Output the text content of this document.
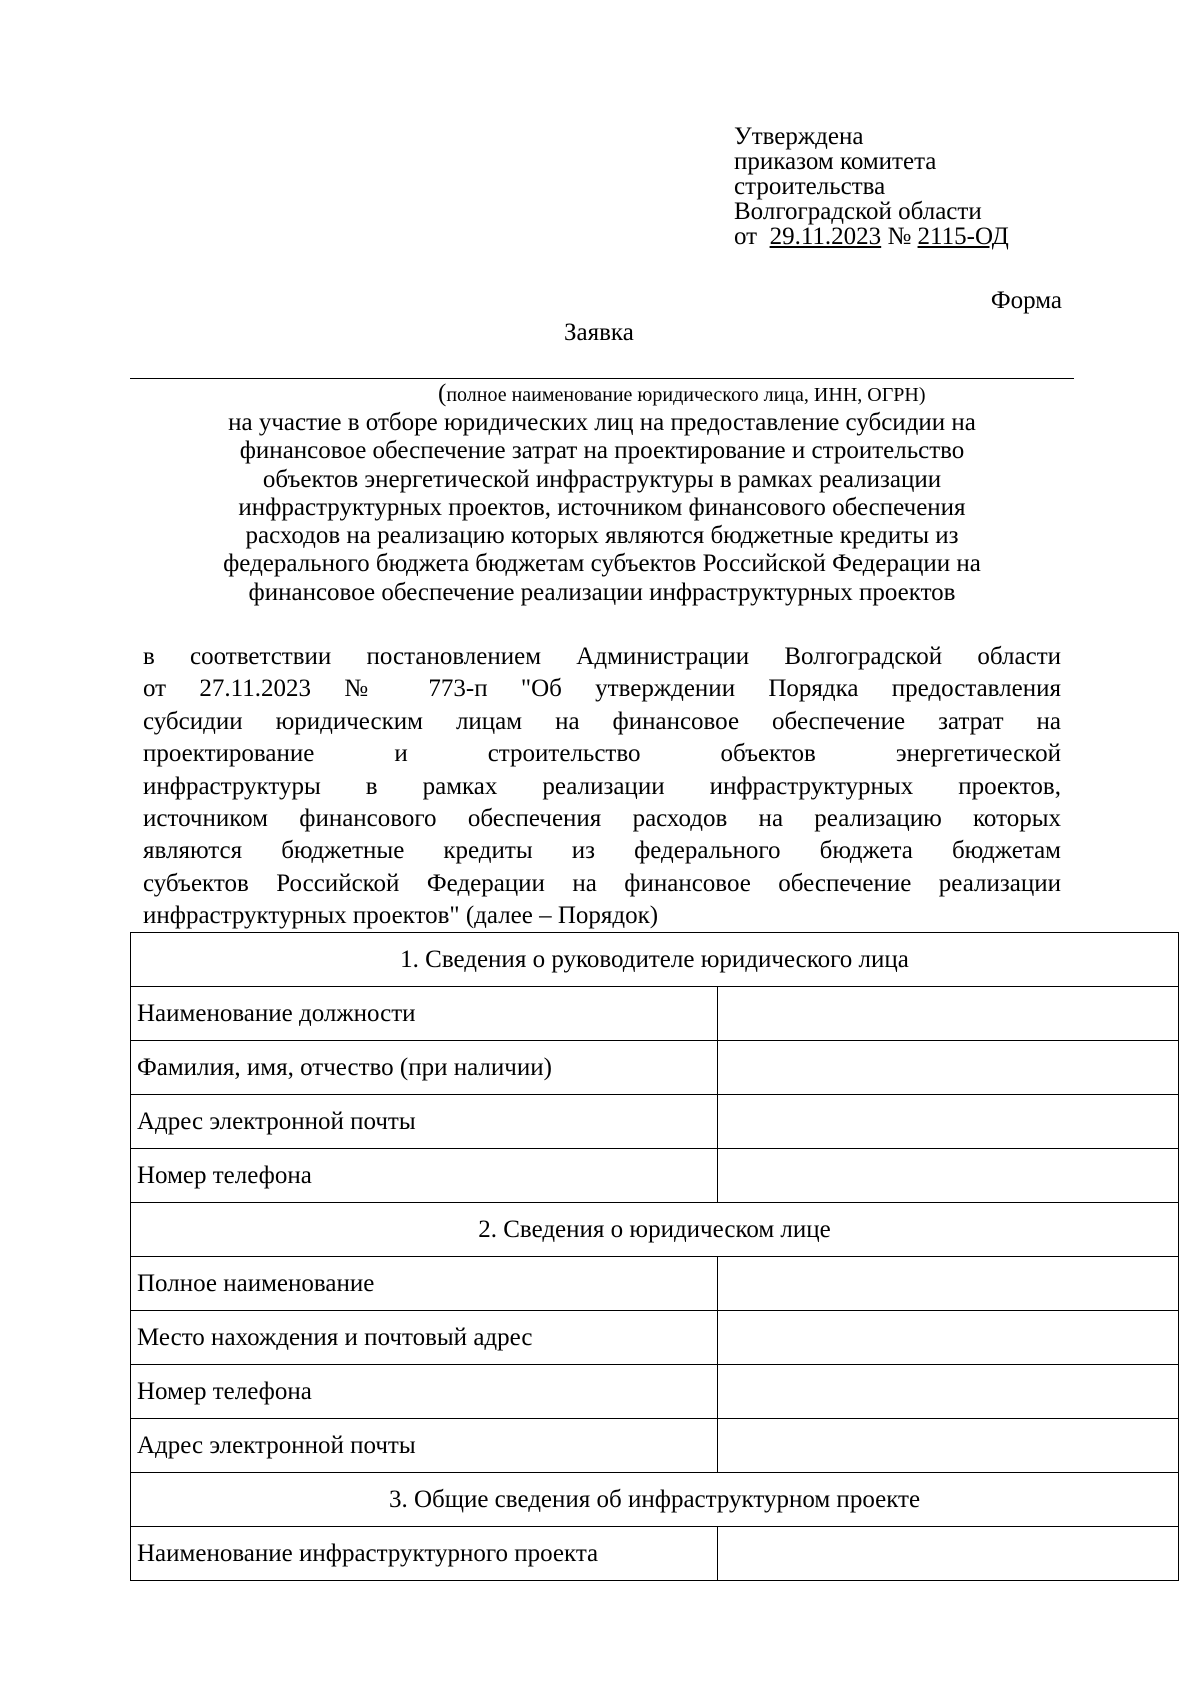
Утверждена
приказом комитета
строительства
Волгоградской области
от 29.11.2023 № 2115-ОД
Форма
Заявка
(полное наименование юридического лица, ИНН, ОГРН)
на участие в отборе юридических лиц на предоставление субсидии на
финансовое обеспечение затрат на проектирование и строительство
объектов энергетической инфраструктуры в рамках реализации
инфраструктурных проектов, источником финансового обеспечения
расходов на реализацию которых являются бюджетные кредиты из
федерального бюджета бюджетам субъектов Российской Федерации на
финансовое обеспечение реализации инфраструктурных проектов
в соответствии постановлением Администрации Волгоградской области
от 27.11.2023 № 773-п "Об утверждении Порядка предоставления
субсидии юридическим лицам на финансовое обеспечение затрат на
проектирование и строительство объектов энергетической
инфраструктуры в рамках реализации инфраструктурных проектов,
источником финансового обеспечения расходов на реализацию которых
являются бюджетные кредиты из федерального бюджета бюджетам
субъектов Российской Федерации на финансовое обеспечение реализации
инфраструктурных проектов" (далее – Порядок)
1. Сведения о руководителе юридического лица	
Наименование должности	
Фамилия, имя, отчество (при наличии)	
Адрес электронной почты	
Номер телефона	
2. Сведения о юридическом лице	
Полное наименование	
Место нахождения и почтовый адрес	
Номер телефона	
Адрес электронной почты	
3. Общие сведения об инфраструктурном проекте	
Наименование инфраструктурного проекта	
